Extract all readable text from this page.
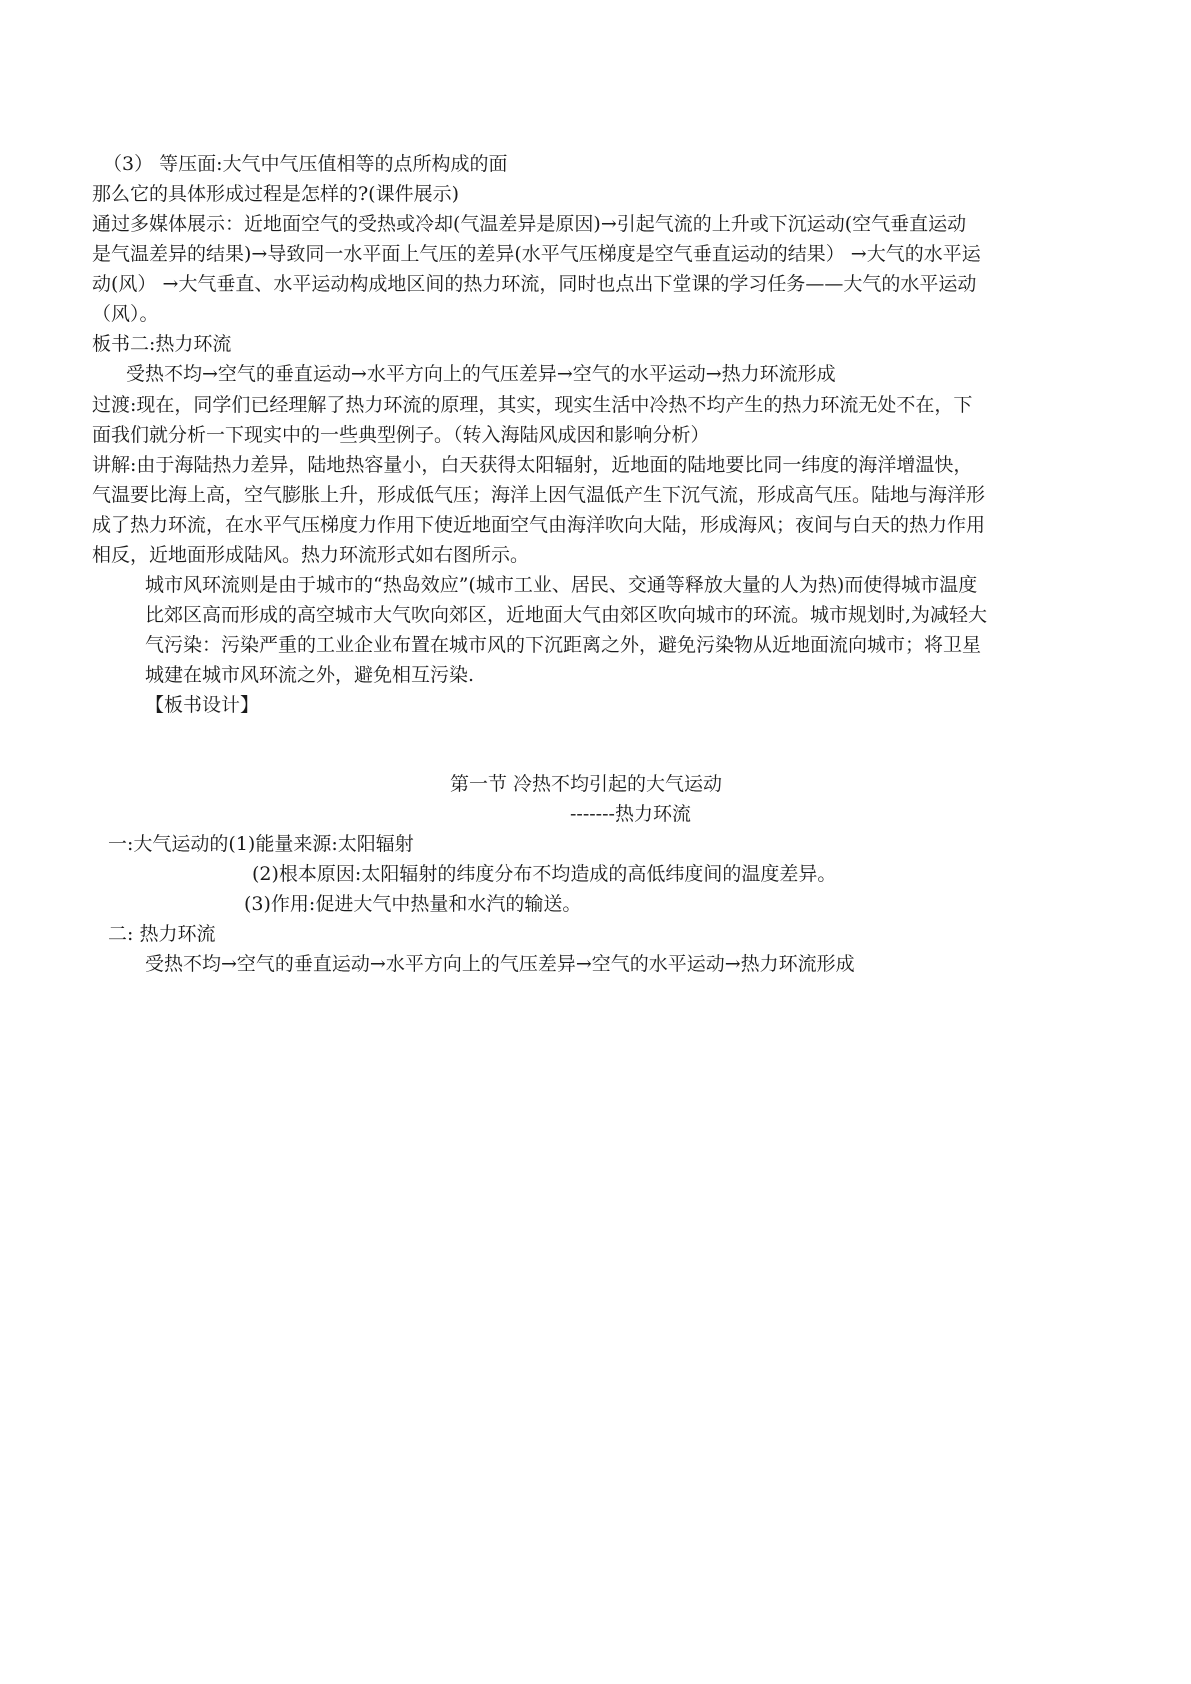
（3） 等压面:大气中气压值相等的点所构成的面
那么它的具体形成过程是怎样的?(课件展示)
通过多媒体展示：近地面空气的受热或冷却(气温差异是原因)→引起气流的上升或下沉运动(空气垂直运动
是气温差异的结果)→导致同一水平面上气压的差异(水平气压梯度是空气垂直运动的结果） →大气的水平运
动(风） →大气垂直、水平运动构成地区间的热力环流，同时也点出下堂课的学习任务——大气的水平运动
（风）。
板书二:热力环流
受热不均→空气的垂直运动→水平方向上的气压差异→空气的水平运动→热力环流形成
过渡:现在，同学们已经理解了热力环流的原理，其实，现实生活中冷热不均产生的热力环流无处不在，下
面我们就分析一下现实中的一些典型例子。（转入海陆风成因和影响分析）
讲解:由于海陆热力差异，陆地热容量小，白天获得太阳辐射，近地面的陆地要比同一纬度的海洋增温快，
气温要比海上高，空气膨胀上升，形成低气压；海洋上因气温低产生下沉气流，形成高气压。陆地与海洋形
成了热力环流，在水平气压梯度力作用下使近地面空气由海洋吹向大陆，形成海风；夜间与白天的热力作用
相反，近地面形成陆风。热力环流形式如右图所示。
城市风环流则是由于城市的“热岛效应”(城市工业、居民、交通等释放大量的人为热)而使得城市温度
比郊区高而形成的高空城市大气吹向郊区，近地面大气由郊区吹向城市的环流。城市规划时,为减轻大
气污染：污染严重的工业企业布置在城市风的下沉距离之外，避免污染物从近地面流向城市；将卫星
城建在城市风环流之外，避免相互污染.
【板书设计】
第一节 冷热不均引起的大气运动
-------热力环流
一:大气运动的(1)能量来源:太阳辐射
(2)根本原因:太阳辐射的纬度分布不均造成的高低纬度间的温度差异。
(3)作用:促进大气中热量和水汽的输送。
二: 热力环流
受热不均→空气的垂直运动→水平方向上的气压差异→空气的水平运动→热力环流形成
